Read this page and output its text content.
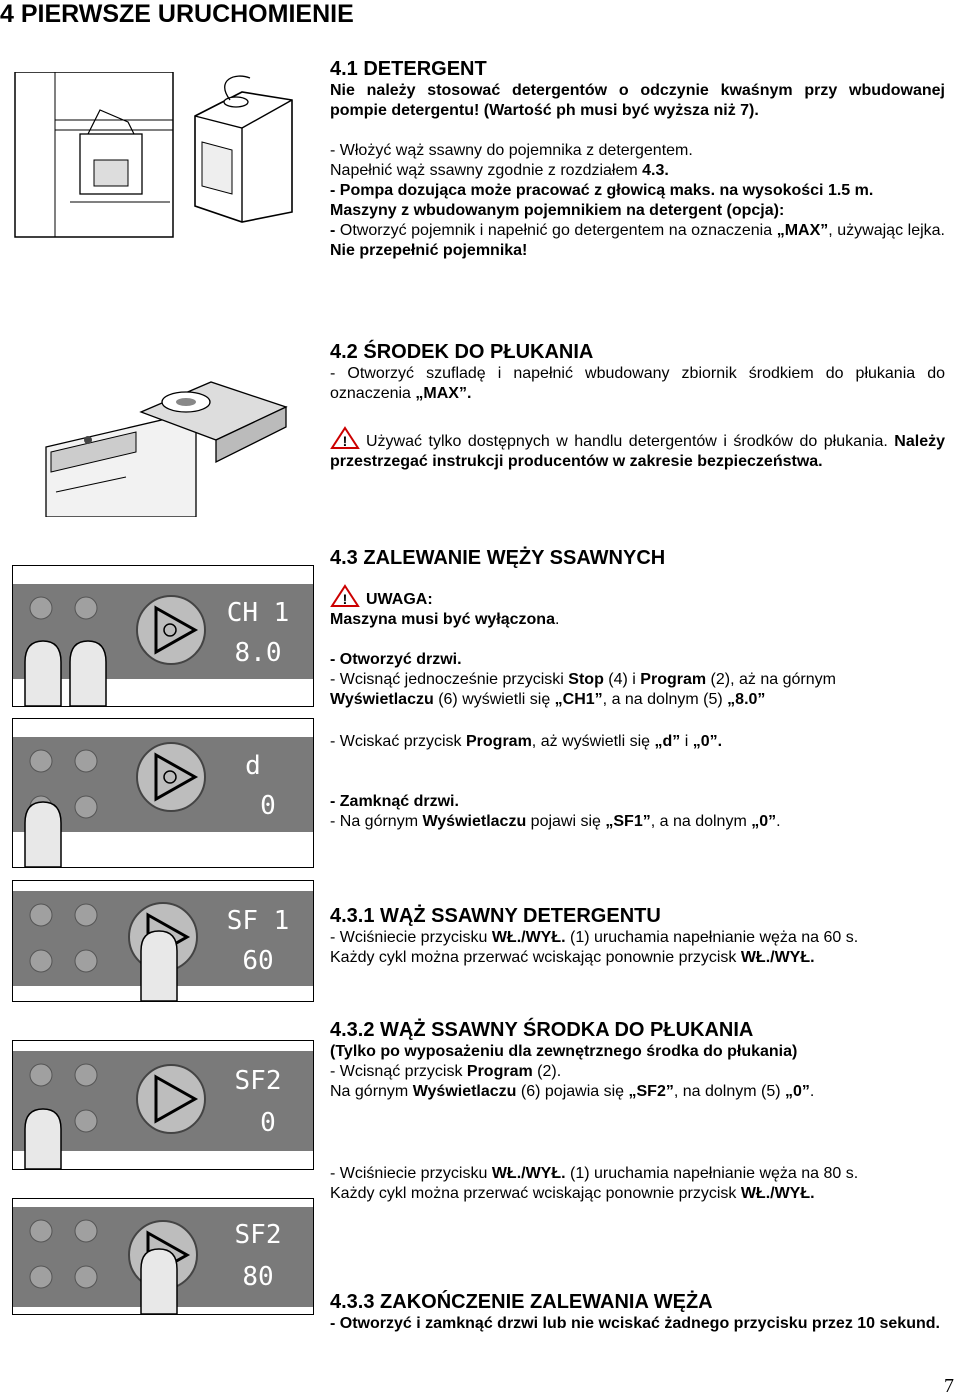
4 PIERWSZE URUCHOMIENIE
CH 1
8.0
d
0
SF 1
60
SF2
0
SF2
80
4.1 DETERGENT

Nie należy stosować detergentów o odczynie kwaśnym przy wbudowanej pompie detergentu! (Wartość ph musi być wyższa niż 7).

- Włożyć wąż ssawny do pojemnika z detergentem.

Napełnić wąż ssawny zgodnie z rozdziałem 4.3.

- Pompa dozująca może pracować z głowicą maks. na wysokości 1.5 m.

Maszyny z wbudowanym pojemnikiem na detergent (opcja):

- Otworzyć pojemnik i napełnić go detergentem na oznaczenia „MAX”, używając lejka. Nie przepełnić pojemnika!

4.2 ŚRODEK DO PŁUKANIA

- Otworzyć szufladę i napełnić wbudowany zbiornik środkiem do płukania do oznaczenia „MAX”.

! Używać tylko dostępnych w handlu detergentów i środków do płukania. Należy przestrzegać instrukcji producentów w zakresie bezpieczeństwa.

4.3 ZALEWANIE WĘŻY SSAWNYCH

! UWAGA:

Maszyna musi być wyłączona.

- Otworzyć drzwi.

- Wcisnąć jednocześnie przyciski Stop (4) i Program (2), aż na górnym

Wyświetlaczu (6) wyświetli się „CH1”, a na dolnym (5) „8.0”

- Wciskać przycisk Program, aż wyświetli się „d” i „0”.

- Zamknąć drzwi.

- Na górnym Wyświetlaczu pojawi się „SF1”, a na dolnym „0”.

4.3.1 WĄŻ SSAWNY DETERGENTU

- Wciśniecie przycisku WŁ./WYŁ. (1) uruchamia napełnianie węża na 60 s.

Każdy cykl można przerwać wciskając ponownie przycisk WŁ./WYŁ.

4.3.2 WĄŻ SSAWNY ŚRODKA DO PŁUKANIA

(Tylko po wyposażeniu dla zewnętrznego środka do płukania)

- Wcisnąć przycisk Program (2).

Na górnym Wyświetlaczu (6) pojawia się „SF2”, na dolnym (5) „0”.

- Wciśniecie przycisku WŁ./WYŁ. (1) uruchamia napełnianie węża na 80 s.

Każdy cykl można przerwać wciskając ponownie przycisk WŁ./WYŁ.

4.3.3 ZAKOŃCZENIE ZALEWANIA WĘŻA

- Otworzyć i zamknąć drzwi lub nie wciskać żadnego przycisku przez 10 sekund.

7
